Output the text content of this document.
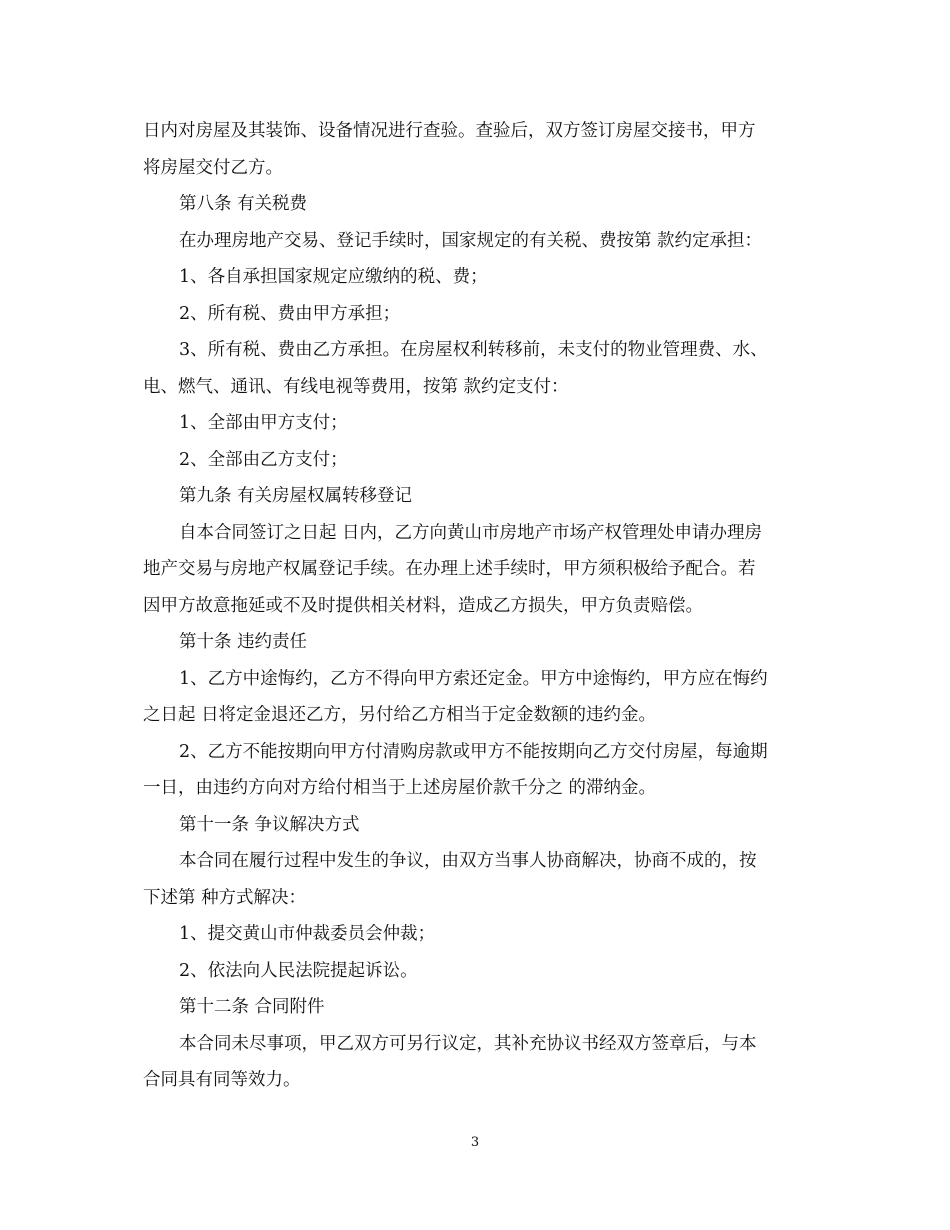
日内对房屋及其装饰、设备情况进行查验。查验后，双方签订房屋交接书，甲方
将房屋交付乙方。
第八条 有关税费
在办理房地产交易、登记手续时，国家规定的有关税、费按第 款约定承担：
1、各自承担国家规定应缴纳的税、费；
2、所有税、费由甲方承担；
3、所有税、费由乙方承担。在房屋权利转移前，未支付的物业管理费、水、
电、燃气、通讯、有线电视等费用，按第 款约定支付：
1、全部由甲方支付；
2、全部由乙方支付；
第九条 有关房屋权属转移登记
自本合同签订之日起 日内，乙方向黄山市房地产市场产权管理处申请办理房
地产交易与房地产权属登记手续。在办理上述手续时，甲方须积极给予配合。若
因甲方故意拖延或不及时提供相关材料，造成乙方损失，甲方负责赔偿。
第十条 违约责任
1、乙方中途悔约，乙方不得向甲方索还定金。甲方中途悔约，甲方应在悔约
之日起 日将定金退还乙方，另付给乙方相当于定金数额的违约金。
2、乙方不能按期向甲方付清购房款或甲方不能按期向乙方交付房屋，每逾期
一日，由违约方向对方给付相当于上述房屋价款千分之 的滞纳金。
第十一条 争议解决方式
本合同在履行过程中发生的争议，由双方当事人协商解决，协商不成的，按
下述第 种方式解决：
1、提交黄山市仲裁委员会仲裁；
2、依法向人民法院提起诉讼。
第十二条 合同附件
本合同未尽事项，甲乙双方可另行议定，其补充协议书经双方签章后，与本
合同具有同等效力。
3
